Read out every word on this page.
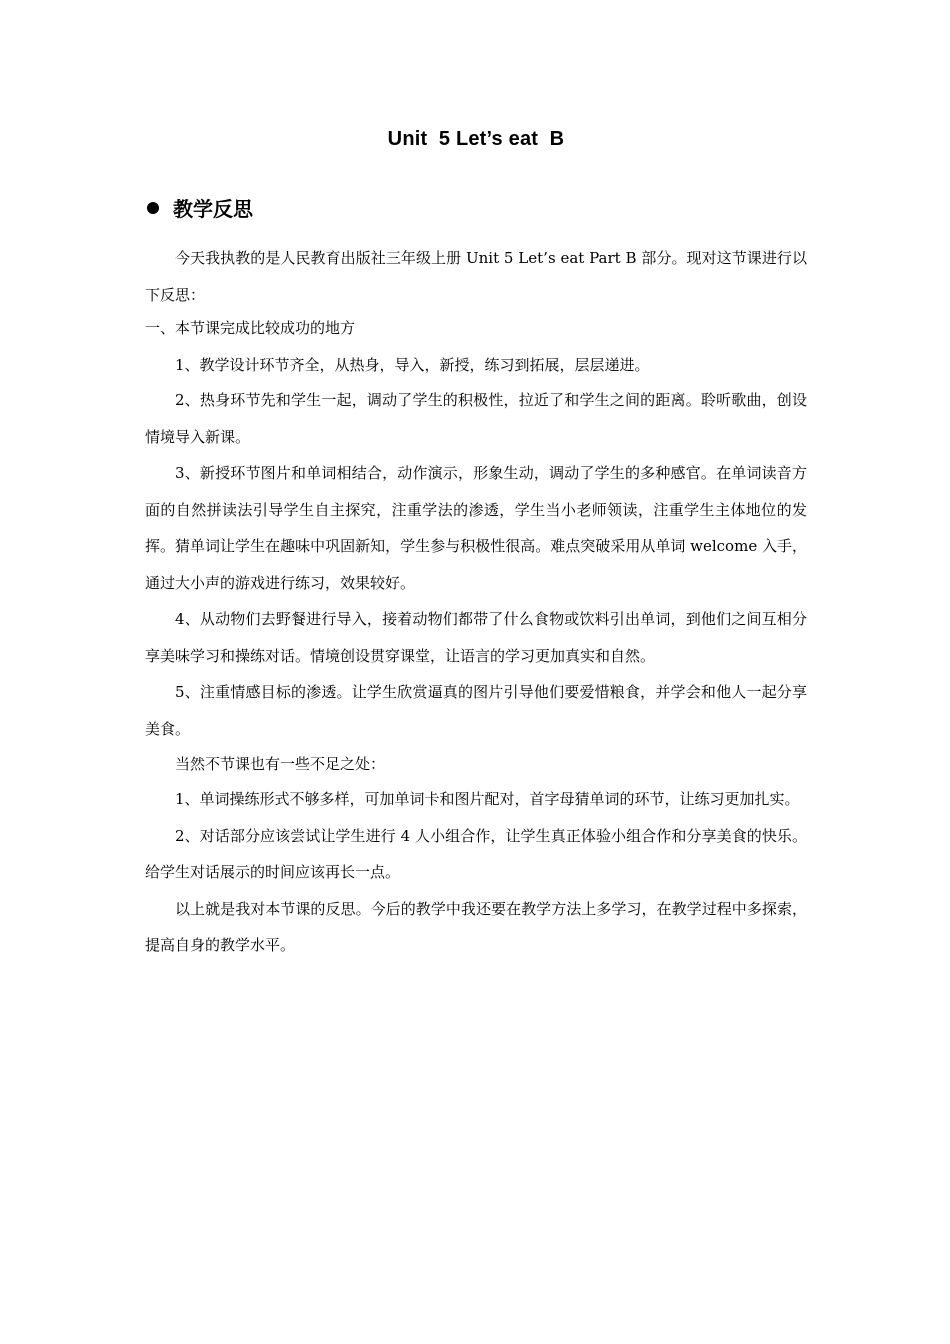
Unit  5 Let’s eat  B
教学反思

今天我执教的是人民教育出版社三年级上册 Unit 5 Let’s eat Part B 部分。现对这节课进行以下反思：

一、本节课完成比较成功的地方

1、教学设计环节齐全，从热身，导入，新授，练习到拓展，层层递进。

2、热身环节先和学生一起，调动了学生的积极性，拉近了和学生之间的距离。聆听歌曲，创设情境导入新课。

3、新授环节图片和单词相结合，动作演示，形象生动，调动了学生的多种感官。在单词读音方面的自然拼读法引导学生自主探究，注重学法的渗透，学生当小老师领读，注重学生主体地位的发挥。猜单词让学生在趣味中巩固新知，学生参与积极性很高。难点突破采用从单词 welcome 入手，通过大小声的游戏进行练习，效果较好。

4、从动物们去野餐进行导入，接着动物们都带了什么食物或饮料引出单词，到他们之间互相分享美味学习和操练对话。情境创设贯穿课堂，让语言的学习更加真实和自然。

5、注重情感目标的渗透。让学生欣赏逼真的图片引导他们要爱惜粮食，并学会和他人一起分享美食。

当然不节课也有一些不足之处：

1、单词操练形式不够多样，可加单词卡和图片配对，首字母猜单词的环节，让练习更加扎实。

2、对话部分应该尝试让学生进行 4 人小组合作，让学生真正体验小组合作和分享美食的快乐。给学生对话展示的时间应该再长一点。

以上就是我对本节课的反思。今后的教学中我还要在教学方法上多学习，在教学过程中多探索，提高自身的教学水平。
